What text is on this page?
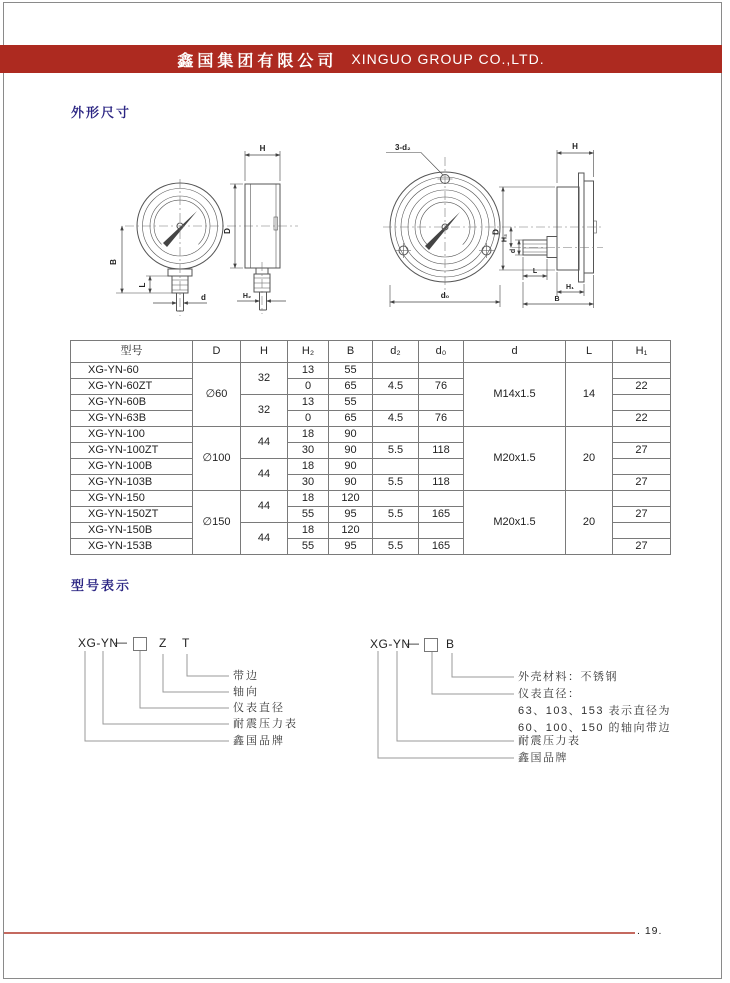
鑫国集团有限公司 XINGUO GROUP CO.,LTD.
外形尺寸
B
L
d
H
D
H₂
3-d₂
d₀
H
D
H₂
d
L
H₁
B
型号	D	H	H₂	B	d₂	d₀	d	L	H₁
XG-YN-60	∅60	32	13	55			M14x1.5	14	
XG-YN-60ZT			0	65	4.5	76			22
XG-YN-60B		32	13	55					
XG-YN-63B			0	65	4.5	76			22
XG-YN-100	∅100	44	18	90			M20x1.5	20	
XG-YN-100ZT			30	90	5.5	118			27
XG-YN-100B		44	18	90					
XG-YN-103B			30	90	5.5	118			27
XG-YN-150	∅150	44	18	120			M20x1.5	20	
XG-YN-150ZT			55	95	5.5	165			27
XG-YN-150B		44	18	120					
XG-YN-153B			55	95	5.5	165			27
型号表示
XG-YN
—	Z T
带边
轴向
仪表直径
耐震压力表
鑫国品牌
XG-YN
— B
外壳材料：不锈钢
仪表直径：
63、103、153 表示直径为
60、100、150 的轴向带边
耐震压力表
鑫国品牌
. 19.
